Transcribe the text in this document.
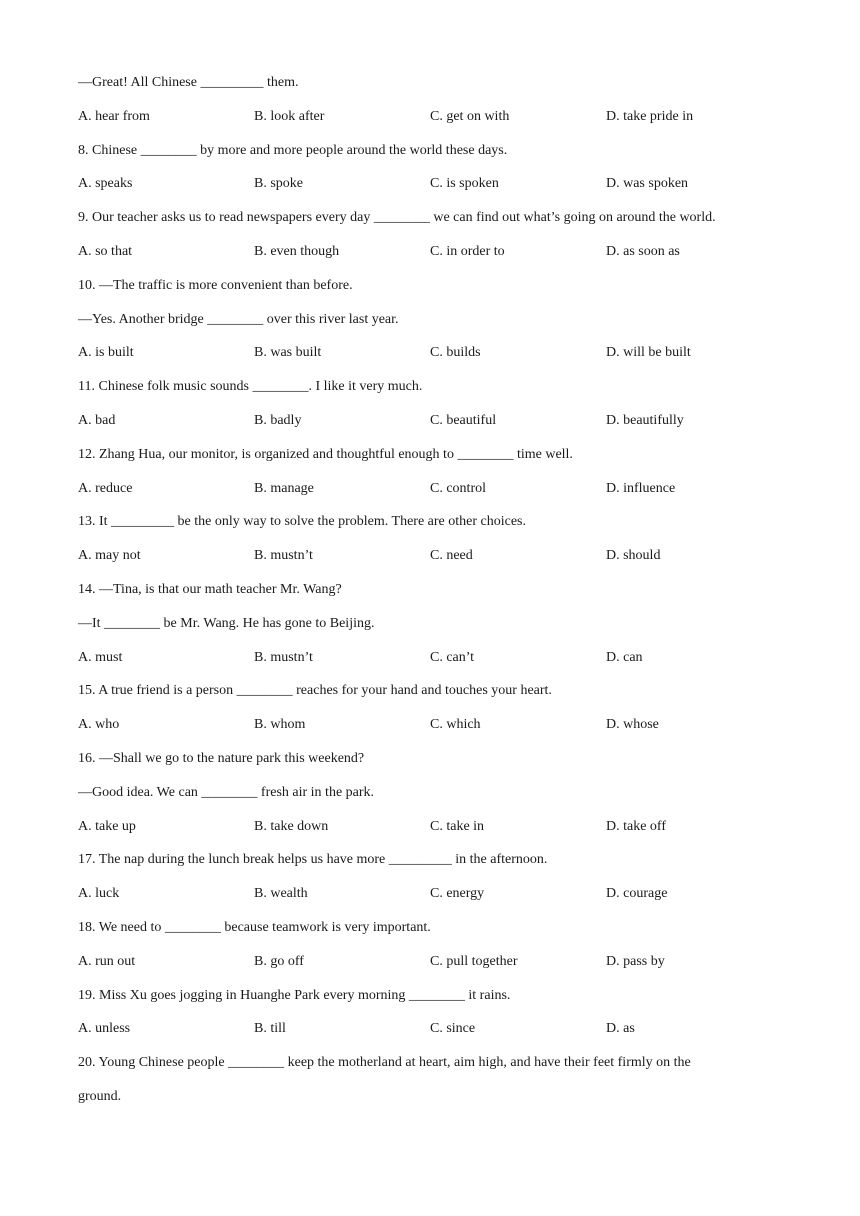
—Great! All Chinese _________ them.
A. hear from	B. look after	C. get on with	D. take pride in
8. Chinese ________ by more and more people around the world these days.
A. speaks	B. spoke	C. is spoken	D. was spoken
9. Our teacher asks us to read newspapers every day ________ we can find out what’s going on around the world.
A. so that	B. even though	C. in order to	D. as soon as
10. —The traffic is more convenient than before.
—Yes. Another bridge ________ over this river last year.
A. is built	B. was built	C. builds	D. will be built
11. Chinese folk music sounds ________. I like it very much.
A. bad	B. badly	C. beautiful	D. beautifully
12. Zhang Hua, our monitor, is organized and thoughtful enough to ________ time well.
A. reduce	B. manage	C. control	D. influence
13. It _________ be the only way to solve the problem. There are other choices.
A. may not	B. mustn’t	C. need	D. should
14. —Tina, is that our math teacher Mr. Wang?
—It ________ be Mr. Wang. He has gone to Beijing.
A. must	B. mustn’t	C. can’t	D. can
15. A true friend is a person ________ reaches for your hand and touches your heart.
A. who	B. whom	C. which	D. whose
16. —Shall we go to the nature park this weekend?
—Good idea. We can ________ fresh air in the park.
A. take up	B. take down	C. take in	D. take off
17. The nap during the lunch break helps us have more _________ in the afternoon.
A. luck	B. wealth	C. energy	D. courage
18. We need to ________ because teamwork is very important.
A. run out	B. go off	C. pull together	D. pass by
19. Miss Xu goes jogging in Huanghe Park every morning ________ it rains.
A. unless	B. till	C. since	D. as
20. Young Chinese people ________ keep the motherland at heart, aim high, and have their feet firmly on the
ground.
